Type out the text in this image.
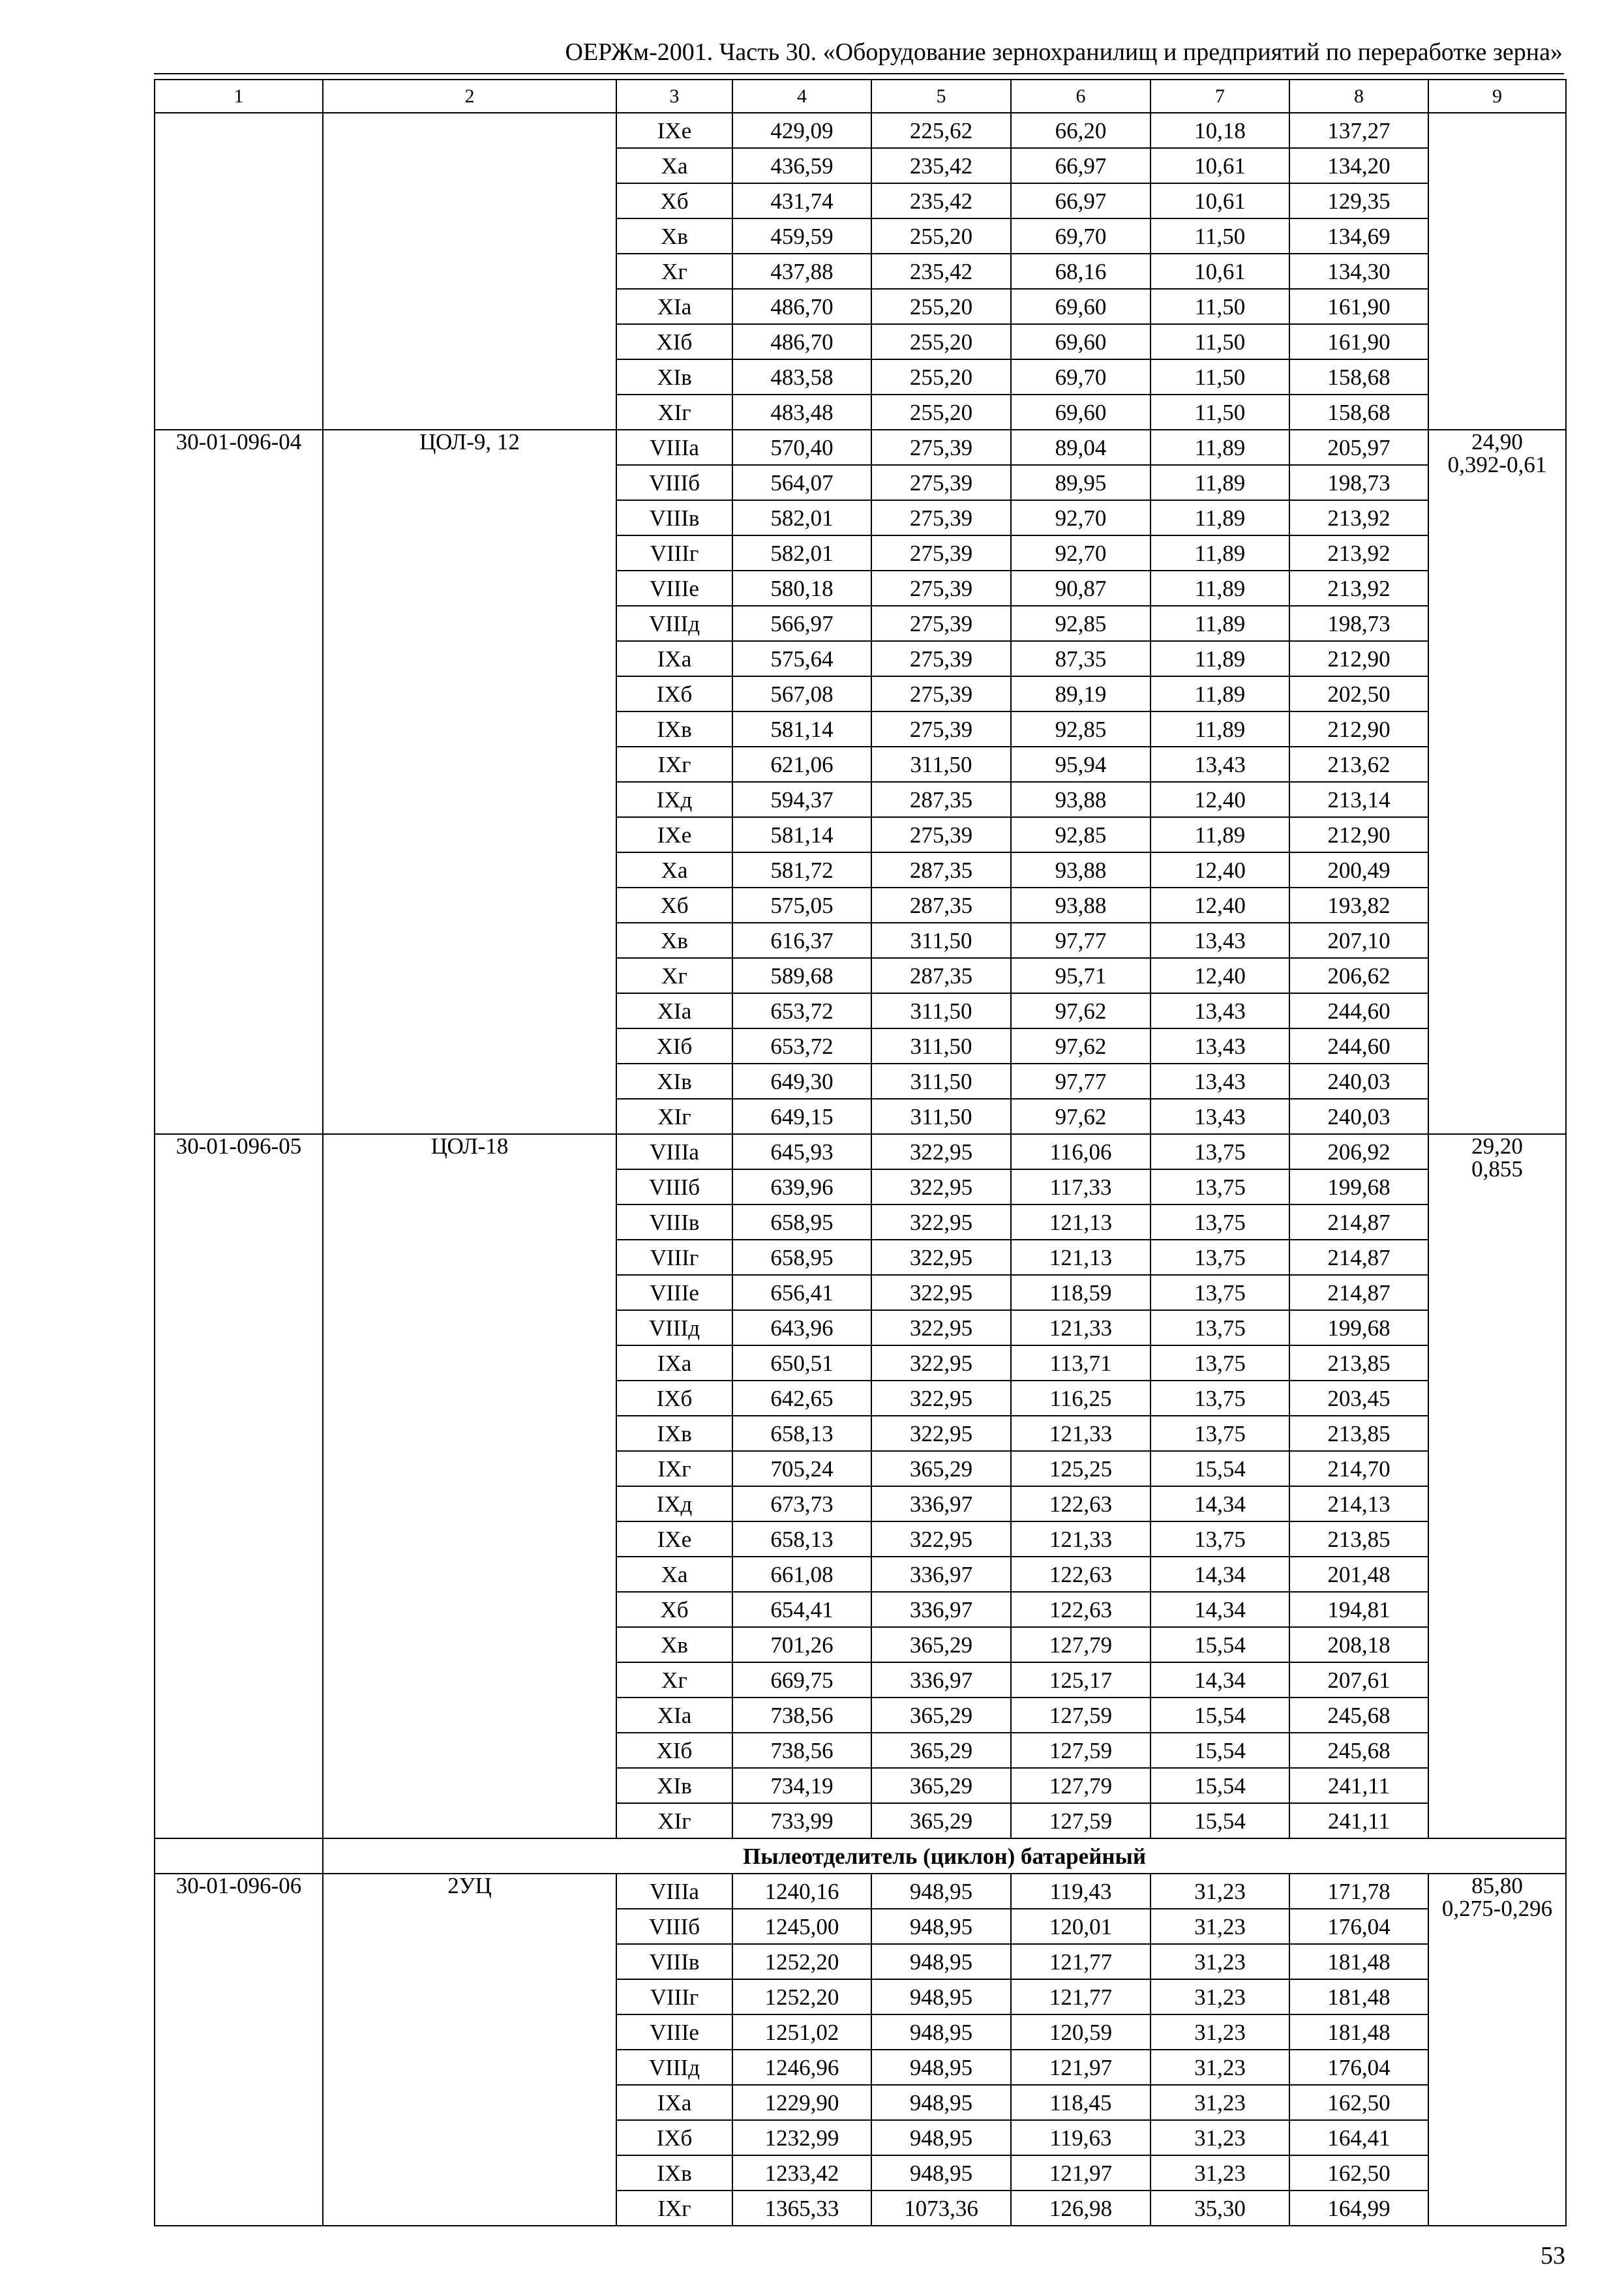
ОЕРЖм-2001. Часть 30. «Оборудование зернохранилищ и предприятий по переработке зерна»
1	2	3	4	5	6	7	8	9
		IXе	429,09	225,62	66,20	10,18	137,27	
		Xа	436,59	235,42	66,97	10,61	134,20	
		Xб	431,74	235,42	66,97	10,61	129,35	
		Xв	459,59	255,20	69,70	11,50	134,69	
		Xг	437,88	235,42	68,16	10,61	134,30	
		XIа	486,70	255,20	69,60	11,50	161,90	
		XIб	486,70	255,20	69,60	11,50	161,90	
		XIв	483,58	255,20	69,70	11,50	158,68	
		XIг	483,48	255,20	69,60	11,50	158,68	
30-01-096-04	ЦОЛ-9, 12	VIIIа	570,40	275,39	89,04	11,89	205,97	24,90
0,392-0,61

		VIIIб	564,07	275,39	89,95	11,89	198,73	
		VIIIв	582,01	275,39	92,70	11,89	213,92	
		VIIIг	582,01	275,39	92,70	11,89	213,92	
		VIIIе	580,18	275,39	90,87	11,89	213,92	
		VIIIд	566,97	275,39	92,85	11,89	198,73	
		IXа	575,64	275,39	87,35	11,89	212,90	
		IXб	567,08	275,39	89,19	11,89	202,50	
		IXв	581,14	275,39	92,85	11,89	212,90	
		IXг	621,06	311,50	95,94	13,43	213,62	
		IXд	594,37	287,35	93,88	12,40	213,14	
		IXе	581,14	275,39	92,85	11,89	212,90	
		Xа	581,72	287,35	93,88	12,40	200,49	
		Xб	575,05	287,35	93,88	12,40	193,82	
		Xв	616,37	311,50	97,77	13,43	207,10	
		Xг	589,68	287,35	95,71	12,40	206,62	
		XIа	653,72	311,50	97,62	13,43	244,60	
		XIб	653,72	311,50	97,62	13,43	244,60	
		XIв	649,30	311,50	97,77	13,43	240,03	
		XIг	649,15	311,50	97,62	13,43	240,03	
30-01-096-05	ЦОЛ-18	VIIIа	645,93	322,95	116,06	13,75	206,92	29,20
0,855

		VIIIб	639,96	322,95	117,33	13,75	199,68	
		VIIIв	658,95	322,95	121,13	13,75	214,87	
		VIIIг	658,95	322,95	121,13	13,75	214,87	
		VIIIе	656,41	322,95	118,59	13,75	214,87	
		VIIIд	643,96	322,95	121,33	13,75	199,68	
		IXа	650,51	322,95	113,71	13,75	213,85	
		IXб	642,65	322,95	116,25	13,75	203,45	
		IXв	658,13	322,95	121,33	13,75	213,85	
		IXг	705,24	365,29	125,25	15,54	214,70	
		IXд	673,73	336,97	122,63	14,34	214,13	
		IXе	658,13	322,95	121,33	13,75	213,85	
		Xа	661,08	336,97	122,63	14,34	201,48	
		Xб	654,41	336,97	122,63	14,34	194,81	
		Xв	701,26	365,29	127,79	15,54	208,18	
		Xг	669,75	336,97	125,17	14,34	207,61	
		XIа	738,56	365,29	127,59	15,54	245,68	
		XIб	738,56	365,29	127,59	15,54	245,68	
		XIв	734,19	365,29	127,79	15,54	241,11	
		XIг	733,99	365,29	127,59	15,54	241,11	
	Пылеотделитель (циклон) батарейный							
30-01-096-06	2УЦ	VIIIа	1240,16	948,95	119,43	31,23	171,78	85,80
0,275-0,296

		VIIIб	1245,00	948,95	120,01	31,23	176,04	
		VIIIв	1252,20	948,95	121,77	31,23	181,48	
		VIIIг	1252,20	948,95	121,77	31,23	181,48	
		VIIIе	1251,02	948,95	120,59	31,23	181,48	
		VIIIд	1246,96	948,95	121,97	31,23	176,04	
		IXа	1229,90	948,95	118,45	31,23	162,50	
		IXб	1232,99	948,95	119,63	31,23	164,41	
		IXв	1233,42	948,95	121,97	31,23	162,50	
		IXг	1365,33	1073,36	126,98	35,30	164,99	
53
